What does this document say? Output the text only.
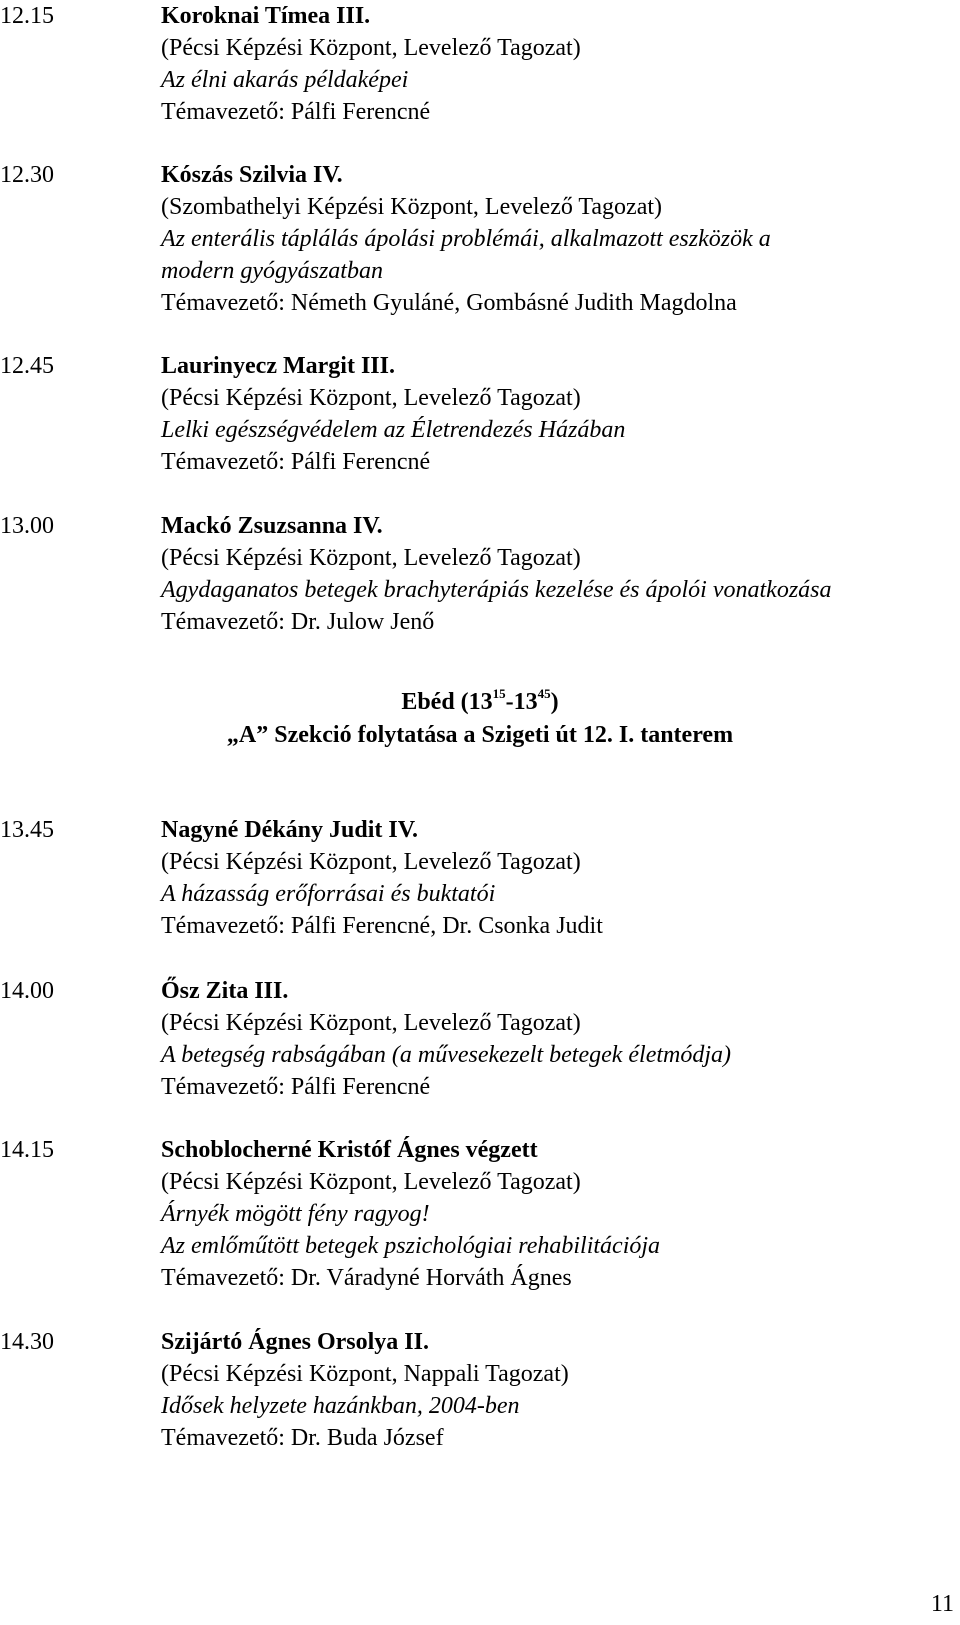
12.15	Koroknai Tímea III.
(Pécsi Képzési Központ, Levelező Tagozat)
Az élni akarás példaképei
Témavezető: Pálfi Ferencné
12.30	Kószás Szilvia IV.
(Szombathelyi Képzési Központ, Levelező Tagozat)
Az enterális táplálás ápolási problémái, alkalmazott eszközök a
modern gyógyászatban
Témavezető: Németh Gyuláné, Gombásné Judith Magdolna
12.45	Laurinyecz Margit III.
(Pécsi Képzési Központ, Levelező Tagozat)
Lelki egészségvédelem az Életrendezés Házában
Témavezető: Pálfi Ferencné
13.00	Mackó Zsuzsanna IV.
(Pécsi Képzési Központ, Levelező Tagozat)
Agydaganatos betegek brachyterápiás kezelése és ápolói vonatkozása
Témavezető: Dr. Julow Jenő
Ebéd $(13^{15}-13^{45})$
„A” Szekció folytatása a Szigeti út 12. I. tanterem
13.45	Nagyné Dékány Judit IV.
(Pécsi Képzési Központ, Levelező Tagozat)
A házasság erőforrásai és buktatói
Témavezető: Pálfi Ferencné, Dr. Csonka Judit
14.00	Ősz Zita III.
(Pécsi Képzési Központ, Levelező Tagozat)
A betegség rabságában (a művesekezelt betegek életmódja)
Témavezető: Pálfi Ferencné
14.15	Schoblocherné Kristóf Ágnes végzett
(Pécsi Képzési Központ, Levelező Tagozat)
Árnyék mögött fény ragyog!
Az emlőműtött betegek pszichológiai rehabilitációja
Témavezető: Dr. Váradyné Horváth Ágnes
14.30	Szijártó Ágnes Orsolya II.
(Pécsi Képzési Központ, Nappali Tagozat)
Idősek helyzete hazánkban, 2004-ben
Témavezető: Dr. Buda József
11
